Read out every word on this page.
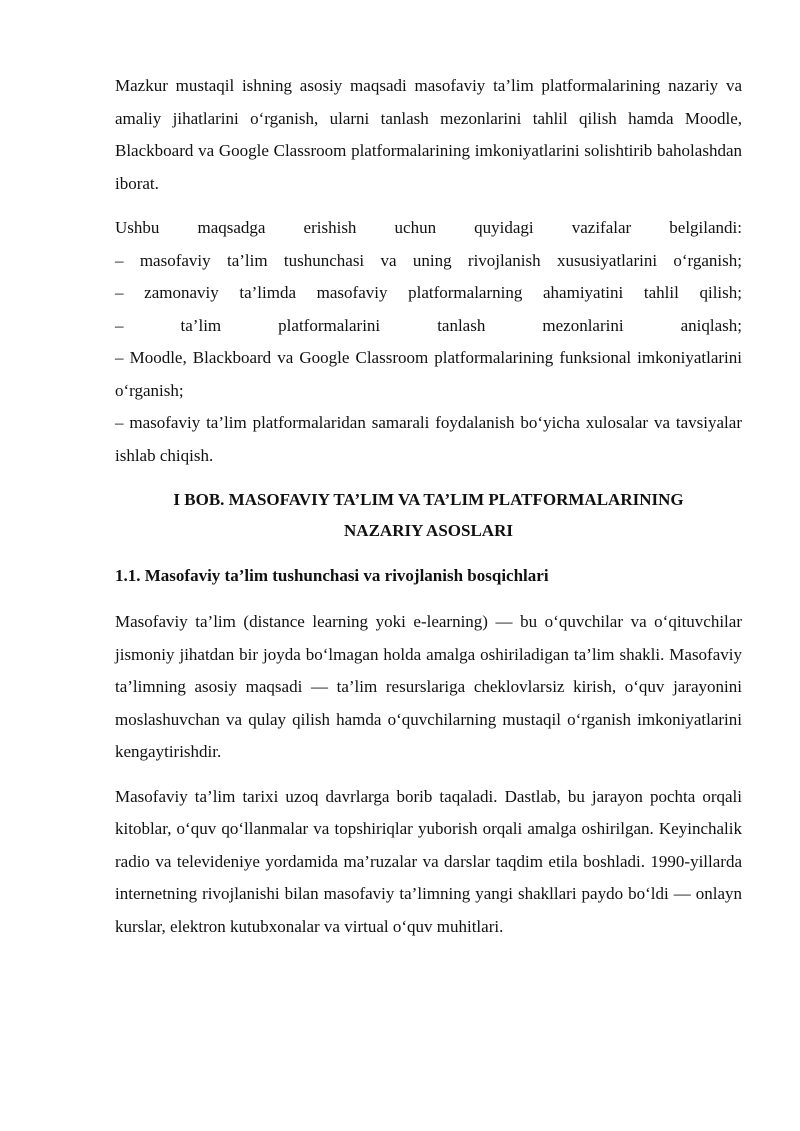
Mazkur mustaqil ishning asosiy maqsadi masofaviy ta’lim platformalarining nazariy va amaliy jihatlarini o‘rganish, ularni tanlash mezonlarini tahlil qilish hamda Moodle, Blackboard va Google Classroom platformalarining imkoniyatlarini solishtirib baholashdan iborat.

Ushbu maqsadga erishish uchun quyidagi vazifalar belgilandi:
– masofaviy ta’lim tushunchasi va uning rivojlanish xususiyatlarini o‘rganish;
– zamonaviy ta’limda masofaviy platformalarning ahamiyatini tahlil qilish;
– ta’lim platformalarini tanlash mezonlarini aniqlash;
– Moodle, Blackboard va Google Classroom platformalarining funksional imkoniyatlarini o‘rganish;
– masofaviy ta’lim platformalaridan samarali foydalanish bo‘yicha xulosalar va tavsiyalar ishlab chiqish.
I BOB. MASOFAVIY TA’LIM VA TA’LIM PLATFORMALARINING
NAZARIY ASOSLARI
1.1. Masofaviy ta’lim tushunchasi va rivojlanish bosqichlari

Masofaviy ta’lim (distance learning yoki e-learning) — bu o‘quvchilar va o‘qituvchilar jismoniy jihatdan bir joyda bo‘lmagan holda amalga oshiriladigan ta’lim shakli. Masofaviy ta’limning asosiy maqsadi — ta’lim resurslariga cheklovlarsiz kirish, o‘quv jarayonini moslashuvchan va qulay qilish hamda o‘quvchilarning mustaqil o‘rganish imkoniyatlarini kengaytirishdir.

Masofaviy ta’lim tarixi uzoq davrlarga borib taqaladi. Dastlab, bu jarayon pochta orqali kitoblar, o‘quv qo‘llanmalar va topshiriqlar yuborish orqali amalga oshirilgan. Keyinchalik radio va televideniye yordamida ma’ruzalar va darslar taqdim etila boshladi. 1990-yillarda internetning rivojlanishi bilan masofaviy ta’limning yangi shakllari paydo bo‘ldi — onlayn kurslar, elektron kutubxonalar va virtual o‘quv muhitlari.
